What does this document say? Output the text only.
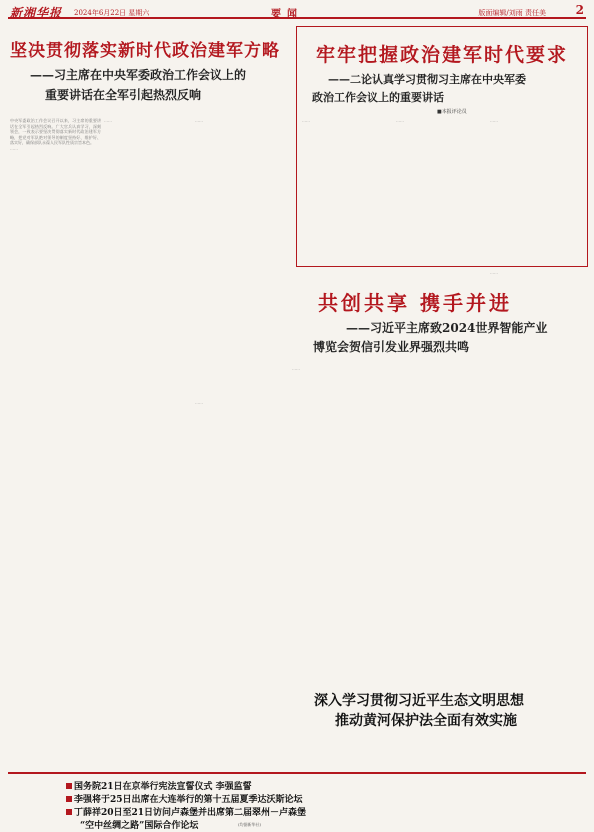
新湘华报 2024年6月22日 星期六	要闻	版面编辑/刘雨 责任美 2
坚决贯彻落实新时代政治建军方略
——习主席在中央军委政治工作会议上的
重要讲话在全军引起热烈反响
牢牢把握政治建军时代要求
——二论认真学习贯彻习主席在中央军委
政治工作会议上的重要讲话
■本报评论员
中央军委政治工作会议召开以来，习主席的重要讲话在全军引起热烈反响。广大官兵认真学习，深刻领会，一致表示要坚决贯彻落实新时代政治建军方略，把党对军队绝对领导的制度坚持好、维护好、落实好，确保部队永葆人民军队性质宗旨本色。
……
……	……	……	……	……
……
共创共享 携手并进
——习近平主席致2024世界智能产业
博览会贺信引发业界强烈共鸣
……
……
深入学习贯彻习近平生态文明思想
推动黄河保护法全面有效实施
国务院21日在京举行宪法宣誓仪式 李强监誓
李强将于25日出席在大连举行的第十五届夏季达沃斯论坛
丁薛祥20日至21日访问卢森堡并出席第二届翠州－卢森堡
“空中丝绸之路”国际合作论坛	(均据新华社)
